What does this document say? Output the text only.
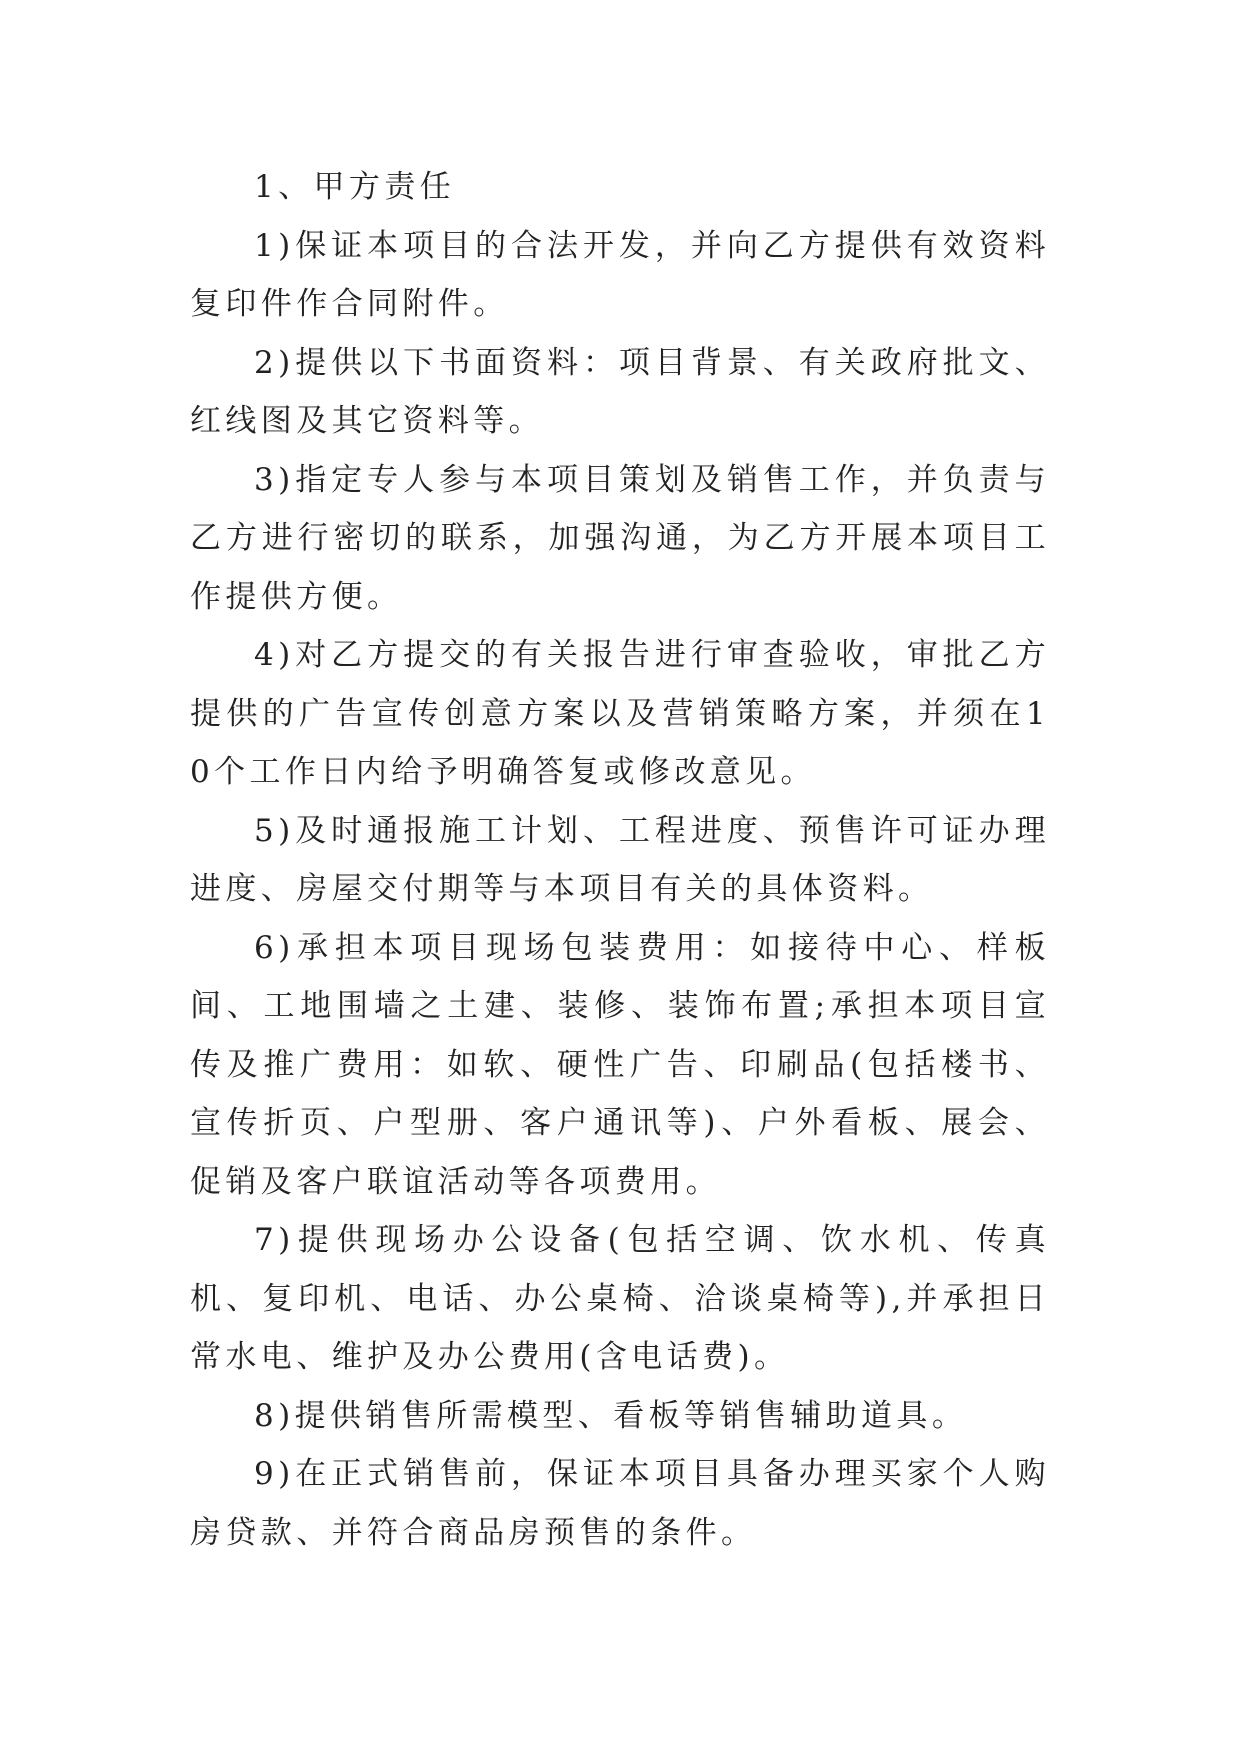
1、甲方责任

1)保证本项目的合法开发，并向乙方提供有效资料复印件作合同附件。

2)提供以下书面资料：项目背景、有关政府批文、红线图及其它资料等。

3)指定专人参与本项目策划及销售工作，并负责与乙方进行密切的联系，加强沟通，为乙方开展本项目工作提供方便。

4)对乙方提交的有关报告进行审查验收，审批乙方提供的广告宣传创意方案以及营销策略方案，并须在10个工作日内给予明确答复或修改意见。

5)及时通报施工计划、工程进度、预售许可证办理进度、房屋交付期等与本项目有关的具体资料。

6)承担本项目现场包装费用：如接待中心、样板间、工地围墙之土建、装修、装饰布置;承担本项目宣传及推广费用：如软、硬性广告、印刷品(包括楼书、宣传折页、户型册、客户通讯等)、户外看板、展会、促销及客户联谊活动等各项费用。

7)提供现场办公设备(包括空调、饮水机、传真机、复印机、电话、办公桌椅、洽谈桌椅等),并承担日常水电、维护及办公费用(含电话费)。

8)提供销售所需模型、看板等销售辅助道具。

9)在正式销售前，保证本项目具备办理买家个人购房贷款、并符合商品房预售的条件。
